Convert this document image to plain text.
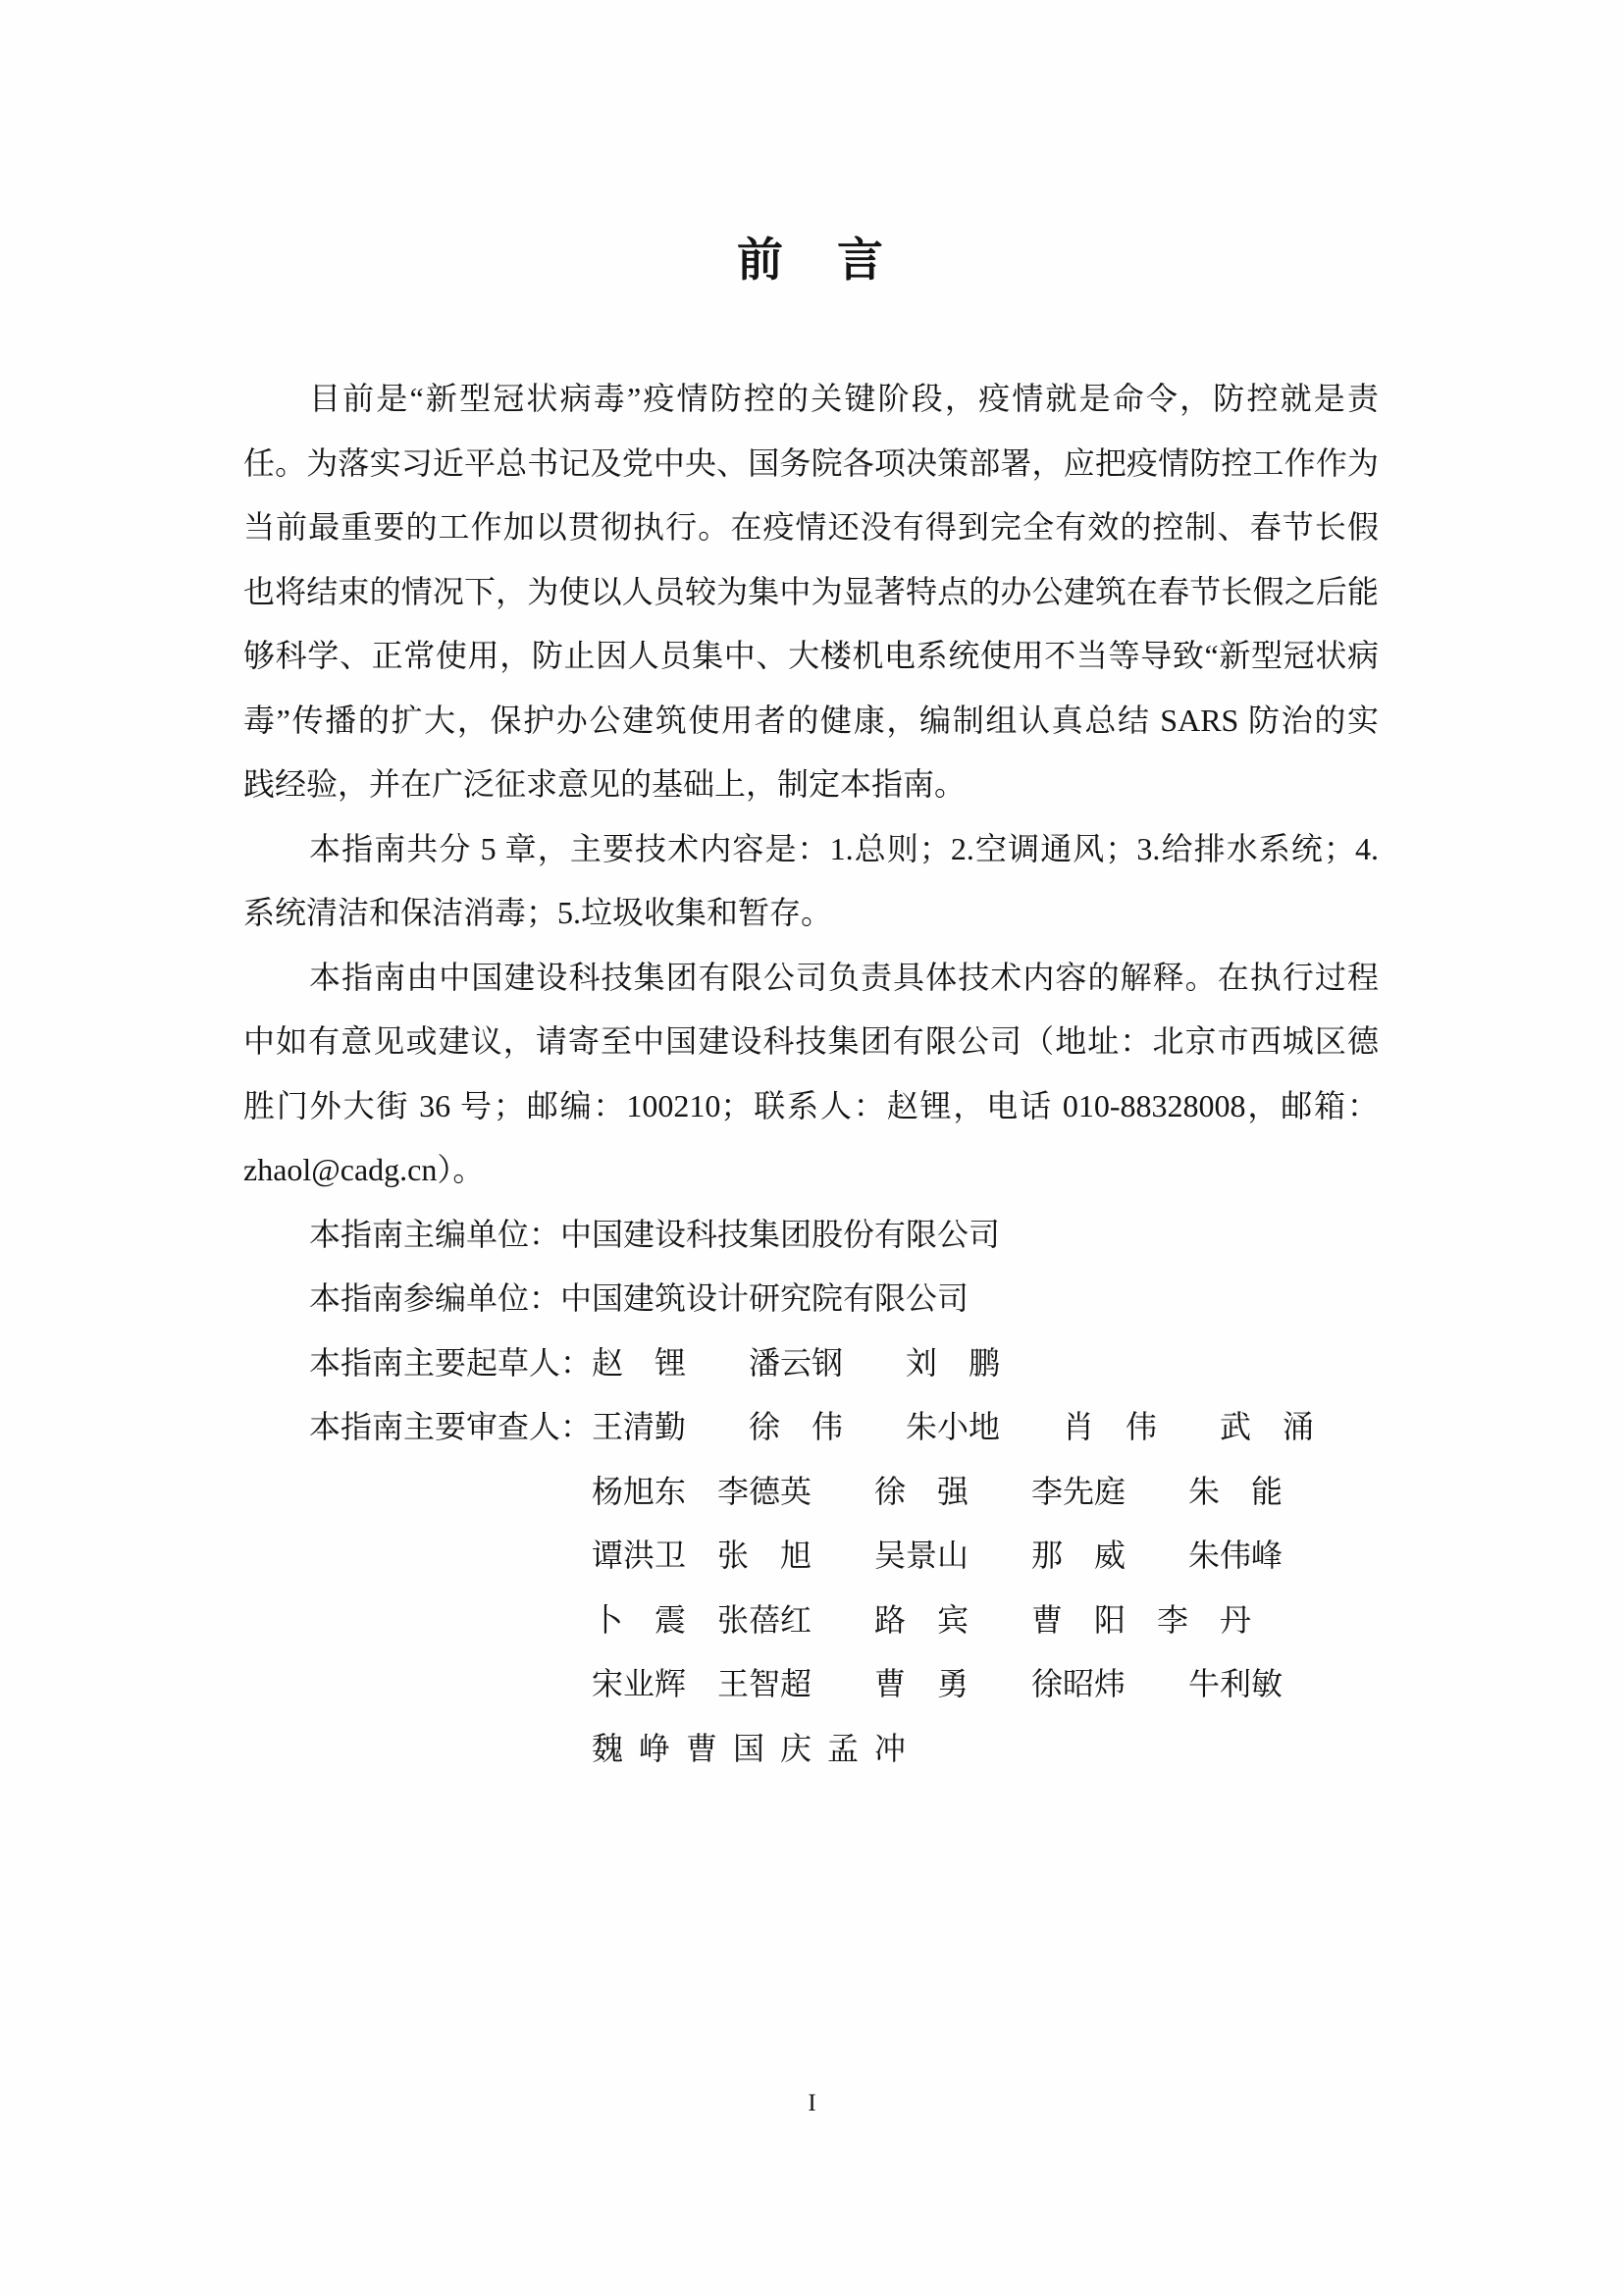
前　言
目前是“新型冠状病毒”疫情防控的关键阶段，疫情就是命令，防控就是责
任。为落实习近平总书记及党中央、国务院各项决策部署，应把疫情防控工作作为
当前最重要的工作加以贯彻执行。在疫情还没有得到完全有效的控制、春节长假
也将结束的情况下，为使以人员较为集中为显著特点的办公建筑在春节长假之后能
够科学、正常使用，防止因人员集中、大楼机电系统使用不当等导致“新型冠状病
毒”传播的扩大，保护办公建筑使用者的健康，编制组认真总结 SARS 防治的实
践经验，并在广泛征求意见的基础上，制定本指南。
本指南共分 5 章，主要技术内容是：1.总则；2.空调通风；3.给排水系统；4.
系统清洁和保洁消毒；5.垃圾收集和暂存。
本指南由中国建设科技集团有限公司负责具体技术内容的解释。在执行过程
中如有意见或建议，请寄至中国建设科技集团有限公司（地址：北京市西城区德
胜门外大街 36 号；邮编：100210；联系人：赵锂，电话 010-88328008，邮箱：
zhaol@cadg.cn）。
本指南主编单位：中国建设科技集团股份有限公司
本指南参编单位：中国建筑设计研究院有限公司
本指南主要起草人：赵　锂　　潘云钢　　刘　鹏
本指南主要审查人：王清勤　　徐　伟　　朱小地　　肖　伟　　武　涌
杨旭东　李德英　　徐　强　　李先庭　　朱　能
谭洪卫　张　旭　　吴景山　　那　威　　朱伟峰
卜　震　张蓓红　　路　宾　　曹　阳　李　丹
宋业辉　王智超　　曹　勇　　徐昭炜　　牛利敏
魏  峥  曹  国  庆  孟  冲
I
